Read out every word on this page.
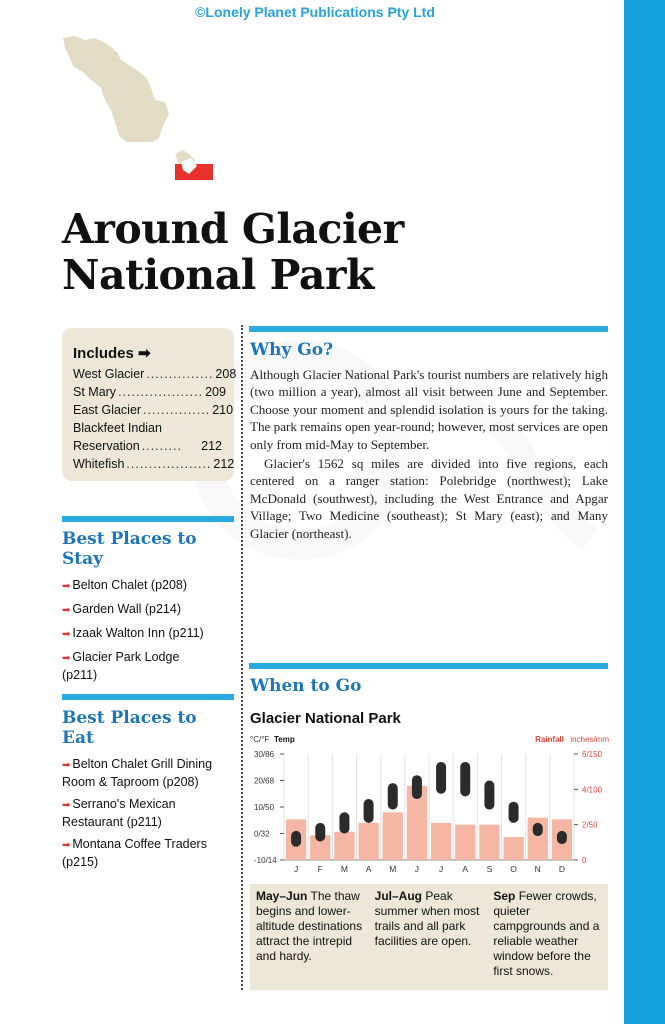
©Lonely Planet Publications Pty Ltd
Around Glacier
National Park
Includes ➡
West Glacier ............... 208
St Mary ................... 209
East Glacier ............... 210
Blackfeet Indian
Reservation .........	212
Whitefish ................... 212
Best Places to
Stay
➡ Belton Chalet (p208)
➡ Garden Wall (p214)
➡ Izaak Walton Inn (p211)
➡ Glacier Park Lodge (p211)
Best Places to
Eat
➡ Belton Chalet Grill Dining Room & Taproom (p208)
➡ Serrano's Mexican Restaurant (p211)
➡ Montana Coffee Traders (p215)
Why Go?

Although Glacier National Park's tourist numbers are relatively high (two million a year), almost all visit between June and September. Choose your moment and splendid isolation is yours for the taking. The park remains open year-round; however, most services are open only from mid-May to September.

Glacier's 1562 sq miles are divided into five regions, each centered on a ranger station: Polebridge (northwest); Lake McDonald (southwest), including the West Entrance and Apgar Village; Two Medicine (southeast); St Mary (east); and Many Glacier (northeast).

When to Go
Glacier National Park
°C/°F Temp	Rainfall inches/mm
30/86
20/68
10/50
0/32
-10/14
6/150
4/100
2/50
0
J F M A M J J A S O N D
May–Jun The thaw begins and lower-altitude destinations attract the intrepid and hardy.
Jul–Aug Peak summer when most trails and all park facilities are open.
Sep Fewer crowds, quieter campgrounds and a reliable weather window before the first snows.
